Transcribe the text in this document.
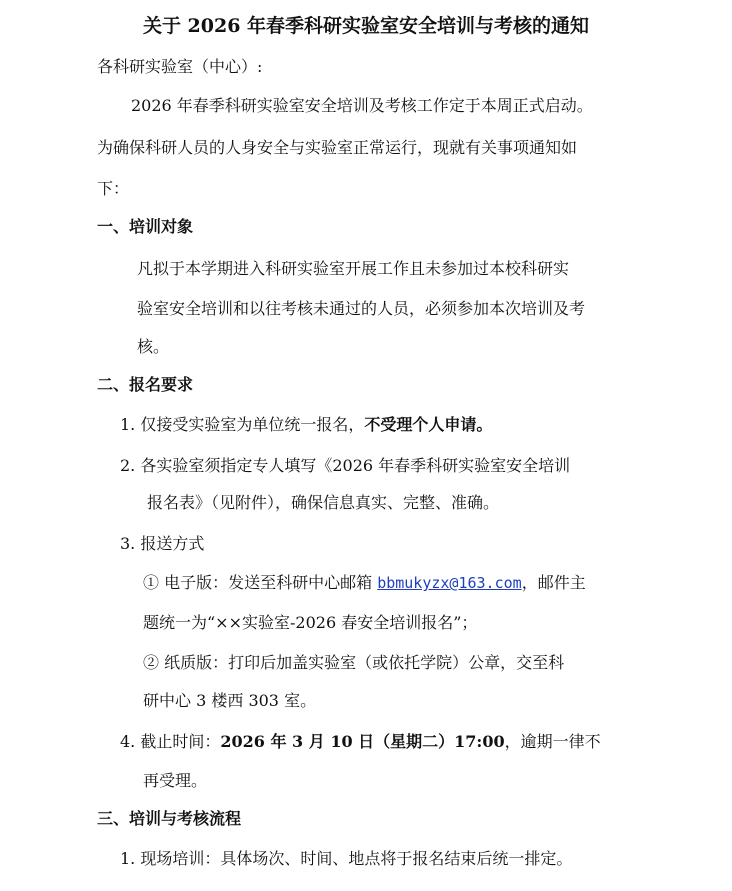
关于 2026 年春季科研实验室安全培训与考核的通知
各科研实验室（中心）:
2026 年春季科研实验室安全培训及考核工作定于本周正式启动。
为确保科研人员的人身安全与实验室正常运行，现就有关事项通知如
下：
一、培训对象
凡拟于本学期进入科研实验室开展工作且未参加过本校科研实
验室安全培训和以往考核未通过的人员，必须参加本次培训及考
核。
二、报名要求
1. 仅接受实验室为单位统一报名，不受理个人申请。
2. 各实验室须指定专人填写《2026 年春季科研实验室安全培训
报名表》（见附件），确保信息真实、完整、准确。
3. 报送方式
① 电子版：发送至科研中心邮箱 bbmukyzx@163.com，邮件主
题统一为“××实验室-2026 春安全培训报名”；
② 纸质版：打印后加盖实验室（或依托学院）公章，交至科
研中心 3 楼西 303 室。
4. 截止时间：2026 年 3 月 10 日（星期二）17:00，逾期一律不
再受理。
三、培训与考核流程
1. 现场培训：具体场次、时间、地点将于报名结束后统一排定。
